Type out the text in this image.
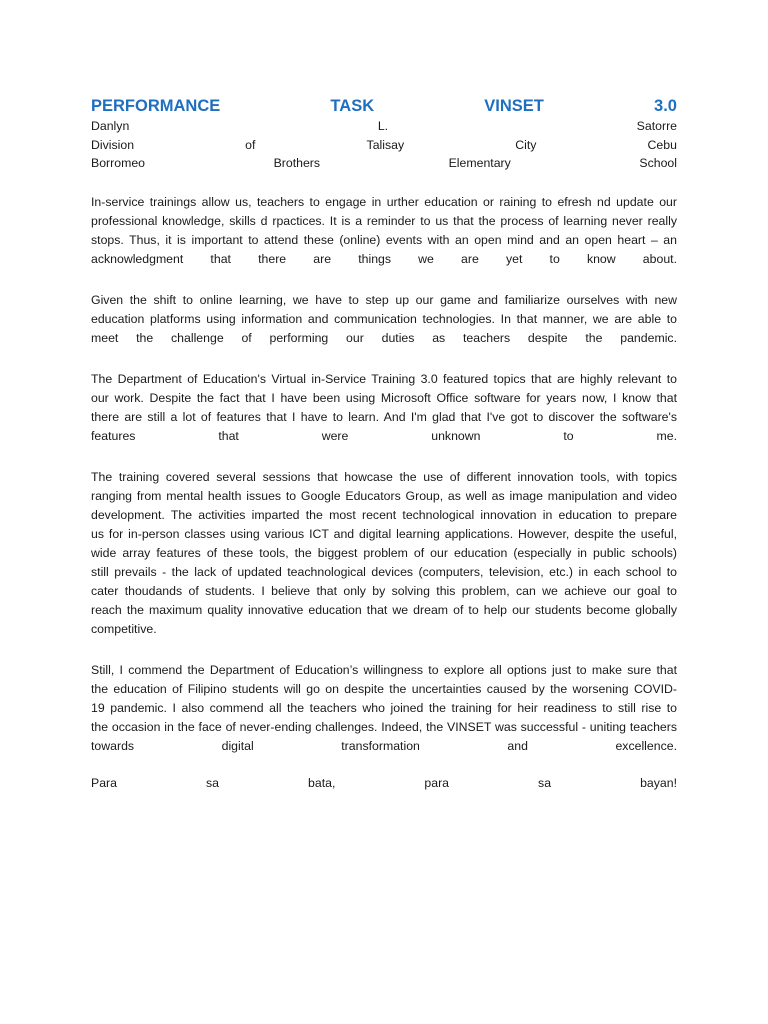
PERFORMANCE	TASK	VINSET	3.0
Danlyn	L.	Satorre
Division	of	Talisay	City	Cebu
Borromeo	Brothers	Elementary	School
In-service trainings allow us, teachers to engage in urther education or raining to efresh nd update our
professional knowledge, skills d rpactices. It is a reminder to us that the process of learning never really
stops. Thus, it is important to attend these (online) events with an open mind and an open heart – an
acknowledgment that there are things we are yet to know about.
Given the shift to online learning, we have to step up our game and familiarize ourselves with new
education platforms using information and communication technologies. In that manner, we are able to
meet the challenge of performing our duties as teachers despite the pandemic.
The Department of Education's Virtual in-Service Training 3.0 featured topics that are highly relevant to
our work. Despite the fact that I have been using Microsoft Office software for years now, I know that
there are still a lot of features that I have to learn. And I'm glad that I've got to discover the software's
features that were unknown to me.
The training covered several sessions that howcase the use of different innovation tools, with topics
ranging from mental health issues to Google Educators Group, as well as image manipulation and video
development. The activities imparted the most recent technological innovation in education to prepare
us for in-person classes using various ICT and digital learning applications. However, despite the useful,
wide array features of these tools, the biggest problem of our education (especially in public schools)
still prevails - the lack of updated teachnological devices (computers, television, etc.) in each school to
cater thoudands of students. I believe that only by solving this problem, can we achieve our goal to
reach the maximum quality innovative education that we dream of to help our students become globally
competitive.
Still, I commend the Department of Education’s willingness to explore all options just to make sure that
the education of Filipino students will go on despite the uncertainties caused by the worsening COVID-
19 pandemic. I also commend all the teachers who joined the training for heir readiness to still rise to
the occasion in the face of never-ending challenges. Indeed, the VINSET was successful - uniting teachers
towards digital transformation and excellence.
Para sa bata, para sa bayan!
